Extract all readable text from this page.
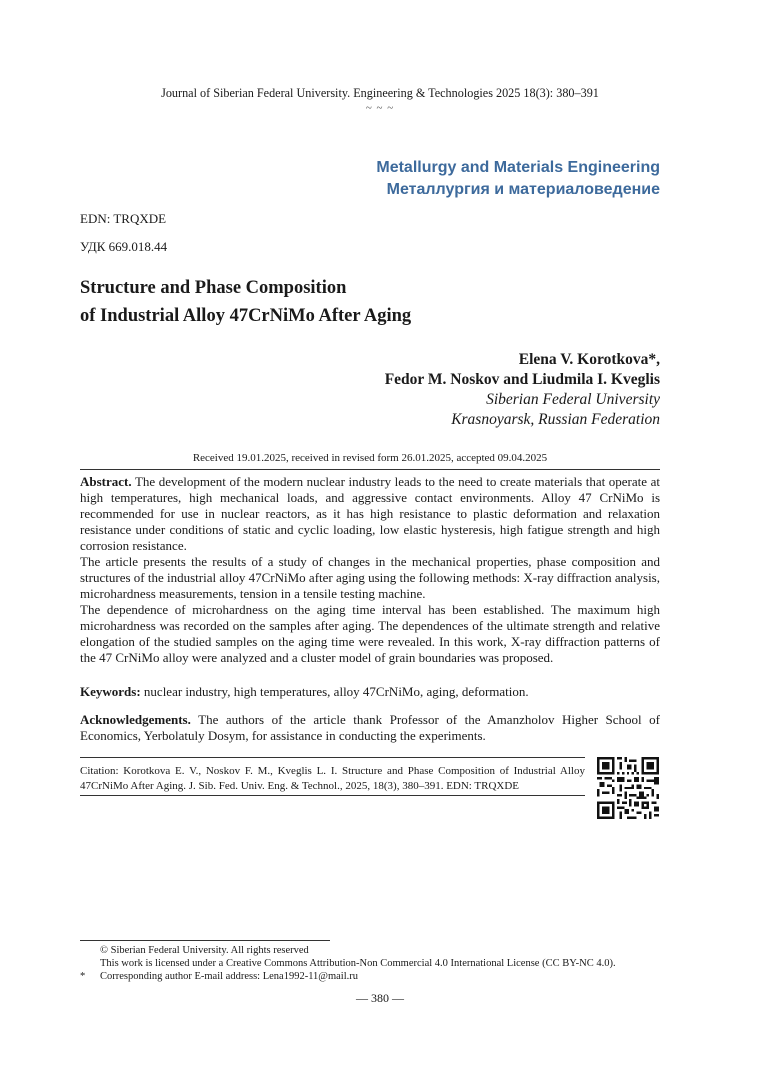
Journal of Siberian Federal University. Engineering & Technologies 2025 18(3): 380–391
~ ~ ~
Metallurgy and Materials Engineering
Металлургия и материаловедение
EDN: TRQXDE
УДК 669.018.44
Structure and Phase Composition
of Industrial Alloy 47CrNiMo After Aging
Elena V. Korotkova*,
Fedor M. Noskov and Liudmila I. Kveglis
Siberian Federal University
Krasnoyarsk, Russian Federation
Received 19.01.2025, received in revised form 26.01.2025, accepted 09.04.2025

Abstract. The development of the modern nuclear industry leads to the need to create materials that operate at high temperatures, high mechanical loads, and aggressive contact environments. Alloy 47 CrNiMo is recommended for use in nuclear reactors, as it has high resistance to plastic deformation and relaxation resistance under conditions of static and cyclic loading, low elastic hysteresis, high fatigue strength and high corrosion resistance.

The article presents the results of a study of changes in the mechanical properties, phase composition and structures of the industrial alloy 47CrNiMo after aging using the following methods: X-ray diffraction analysis, microhardness measurements, tension in a tensile testing machine.

The dependence of microhardness on the aging time interval has been established. The maximum high microhardness was recorded on the samples after aging. The dependences of the ultimate strength and relative elongation of the studied samples on the aging time were revealed. In this work, X-ray diffraction patterns of the 47 CrNiMo alloy were analyzed and a cluster model of grain boundaries was proposed.

Keywords: nuclear industry, high temperatures, alloy 47CrNiMo, aging, deformation.
Acknowledgements. The authors of the article thank Professor of the Amanzholov Higher School of Economics, Yerbolatuly Dosym, for assistance in conducting the experiments.
Citation: Korotkova E. V., Noskov F. M., Kveglis L. I. Structure and Phase Composition of Industrial Alloy 47CrNiMo After Aging. J. Sib. Fed. Univ. Eng. & Technol., 2025, 18(3), 380–391. EDN: TRQXDE
© Siberian Federal University. All rights reserved
This work is licensed under a Creative Commons Attribution-Non Commercial 4.0 International License (CC BY-NC 4.0).
* Corresponding author E-mail address: Lena1992-11@mail.ru
— 380 —
